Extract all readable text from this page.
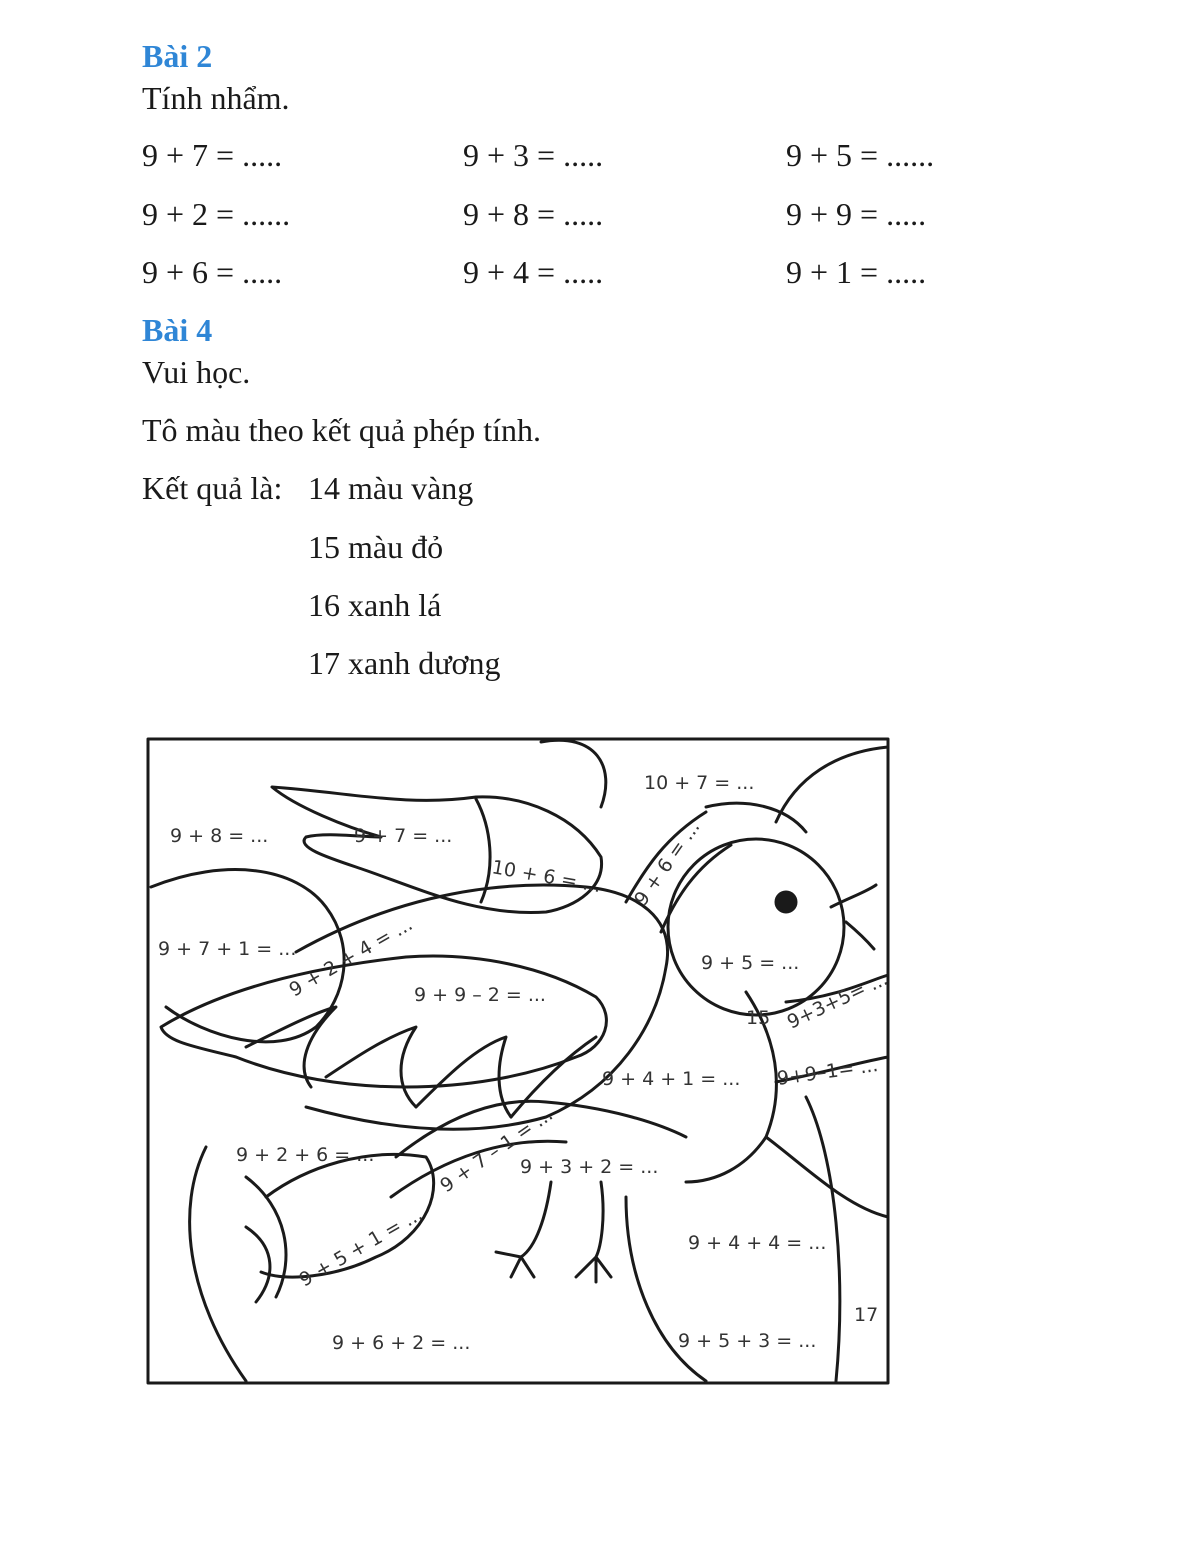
Bài 2
Tính nhẩm.
9 + 7 = .....	9 + 3 = .....	9 + 5 = ......
9 + 2 = ......	9 + 8 = .....	9 + 9 = .....
9 + 6 = .....	9 + 4 = .....	9 + 1 = .....
Bài 4
Vui học.
Tô màu theo kết quả phép tính.
Kết quả là: 14 màu vàng
15 màu đỏ
16 xanh lá
17 xanh dương
10 + 7 = ...
9 + 8 = ...	9 + 7 = ...
10 + 6 = ... 9 + 6 = ...
9 + 7 + 1 = ...
9 + 2 + 4 = ...
9 + 9 – 2 = ...
9 + 5 = ...
15 9+3+5= ...
9 + 4 + 1 = ... 9+9–1= ...
9 + 2 + 6 = ...	9 + 7 – 1 = ...
9 + 3 + 2 = ...
9 + 5 + 1 = ...	9 + 4 + 4 = ...
17
9 + 6 + 2 = ...	9 + 5 + 3 = ...
